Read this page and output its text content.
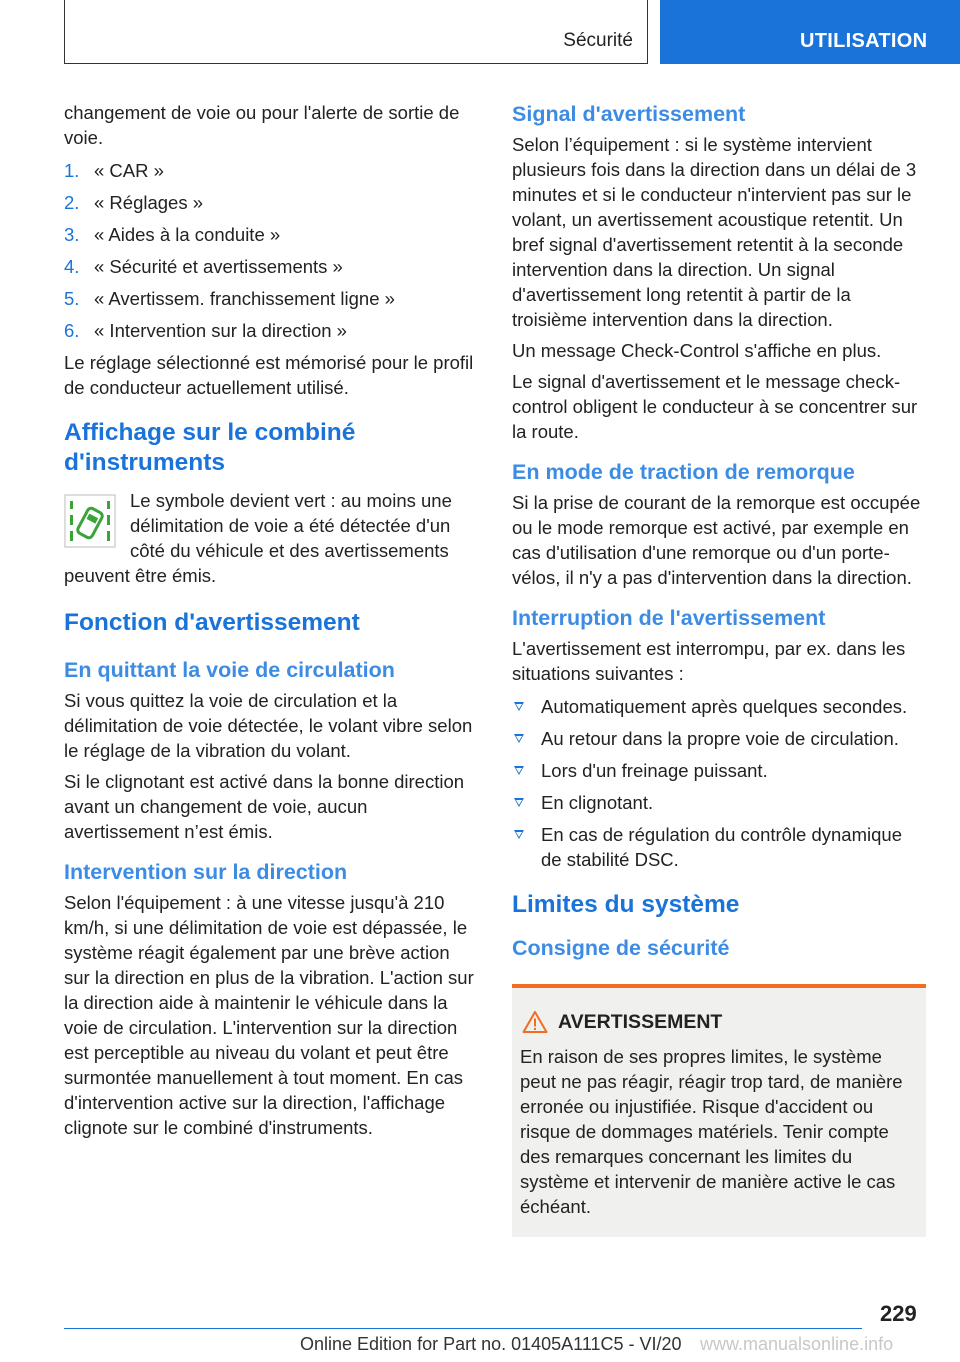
Sécurité	UTILISATION

changement de voie ou pour l'alerte de sortie de voie.

1. « CAR »
2. « Réglages »
3. « Aides à la conduite »
4. « Sécurité et avertissements »
5. « Avertissem. franchissement ligne »
6. « Intervention sur la direction »

Le réglage sélectionné est mémorisé pour le profil de conducteur actuellement utilisé.

Affichage sur le combiné d'instruments

Le symbole devient vert : au moins une délimitation de voie a été détectée d'un côté du véhicule et des avertissements peuvent être émis.

Fonction d'avertissement
En quittant la voie de circulation

Si vous quittez la voie de circulation et la délimitation de voie détectée, le volant vibre selon le réglage de la vibration du volant.

Si le clignotant est activé dans la bonne direction avant un changement de voie, aucun avertissement n’est émis.

Intervention sur la direction

Selon l'équipement : à une vitesse jusqu'à 210 km/h, si une délimitation de voie est dépassée, le système réagit également par une brève action sur la direction en plus de la vibration. L'action sur la direction aide à maintenir le véhicule dans la voie de circulation. L'intervention sur la direction est perceptible au niveau du volant et peut être surmontée manuellement à tout moment. En cas d'intervention active sur la direction, l'affichage clignote sur le combiné d'instruments.

Signal d'avertissement

Selon l’équipement : si le système intervient plusieurs fois dans la direction dans un délai de 3 minutes et si le conducteur n'intervient pas sur le volant, un avertissement acoustique retentit. Un bref signal d'avertissement retentit à la seconde intervention dans la direction. Un signal d'avertissement long retentit à partir de la troisième intervention dans la direction.

Un message Check-Control s'affiche en plus.

Le signal d'avertissement et le message check-control obligent le conducteur à se concentrer sur la route.

En mode de traction de remorque

Si la prise de courant de la remorque est occupée ou le mode remorque est activé, par exemple en cas d'utilisation d'une remorque ou d'un porte-vélos, il n'y a pas d'intervention dans la direction.

Interruption de l'avertissement

L'avertissement est interrompu, par ex. dans les situations suivantes :

Automatiquement après quelques secondes.
Au retour dans la propre voie de circulation.
Lors d'un freinage puissant.
En clignotant.
En cas de régulation du contrôle dynamique de stabilité DSC.
Limites du système
Consigne de sécurité
AVERTISSEMENT

En raison de ses propres limites, le système peut ne pas réagir, réagir trop tard, de manière erronée ou injustifiée. Risque d'accident ou risque de dommages matériels. Tenir compte des remarques concernant les limites du système et intervenir de manière active le cas échéant.

229
Online Edition for Part no. 01405A111C5 - VI/20 www.manualsonline.info
